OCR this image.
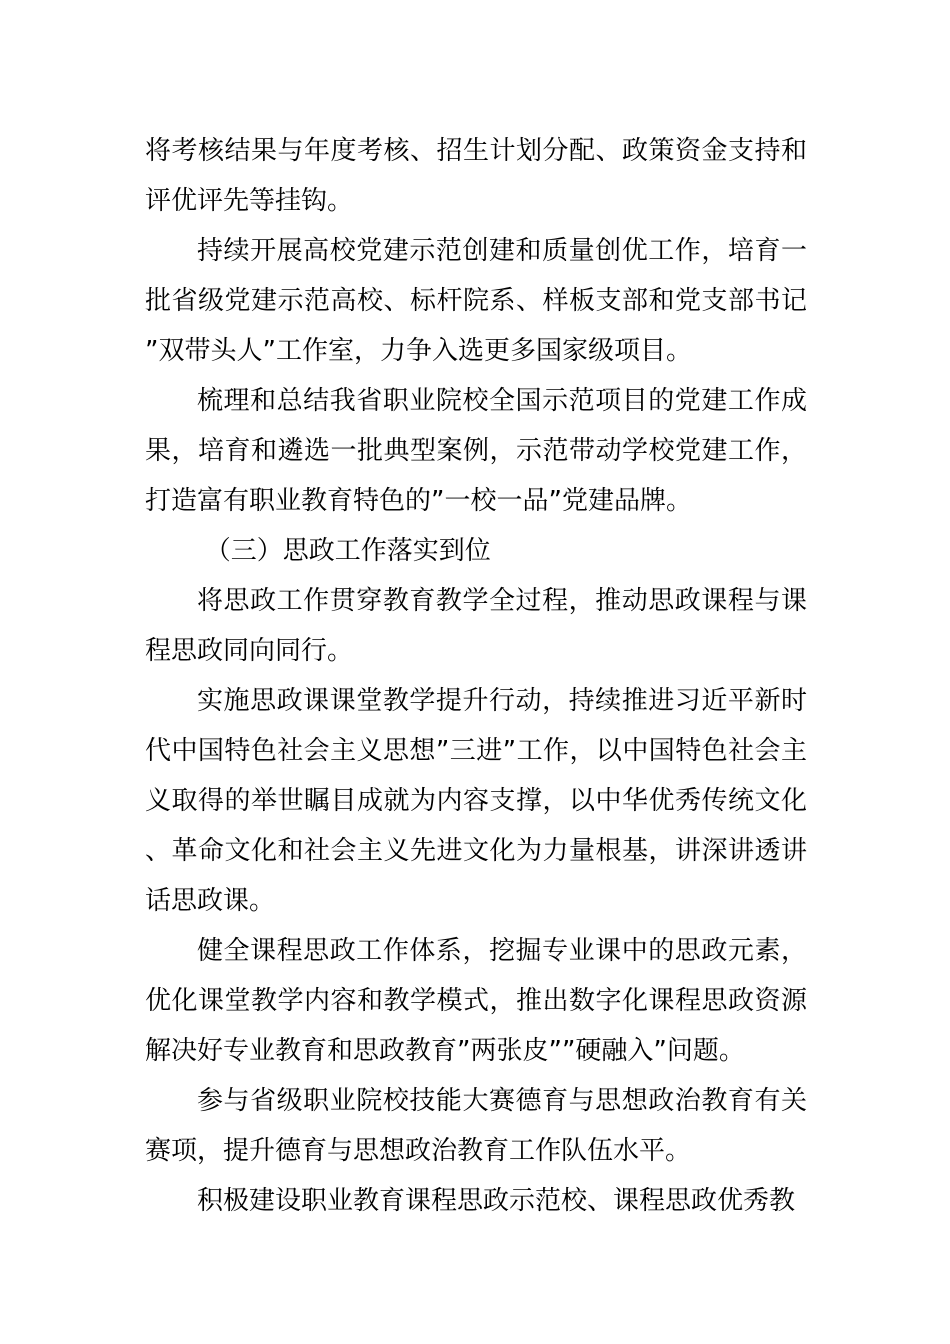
将考核结果与年度考核、招生计划分配、政策资金支持和评优评先等挂钩。

持续开展高校党建示范创建和质量创优工作，培育一批省级党建示范高校、标杆院系、样板支部和党支部书记”双带头人”工作室，力争入选更多国家级项目。

梳理和总结我省职业院校全国示范项目的党建工作成果，培育和遴选一批典型案例，示范带动学校党建工作，打造富有职业教育特色的”一校一品”党建品牌。

（三）思政工作落实到位

将思政工作贯穿教育教学全过程，推动思政课程与课程思政同向同行。

实施思政课课堂教学提升行动，持续推进习近平新时代中国特色社会主义思想”三进”工作，以中国特色社会主义取得的举世瞩目成就为内容支撑，以中华优秀传统文化、革命文化和社会主义先进文化为力量根基，讲深讲透讲话思政课。

健全课程思政工作体系，挖掘专业课中的思政元素，优化课堂教学内容和教学模式，推出数字化课程思政资源解决好专业教育和思政教育”两张皮””硬融入”问题。

参与省级职业院校技能大赛德育与思想政治教育有关赛项，提升德育与思想政治教育工作队伍水平。

积极建设职业教育课程思政示范校、课程思政优秀教
